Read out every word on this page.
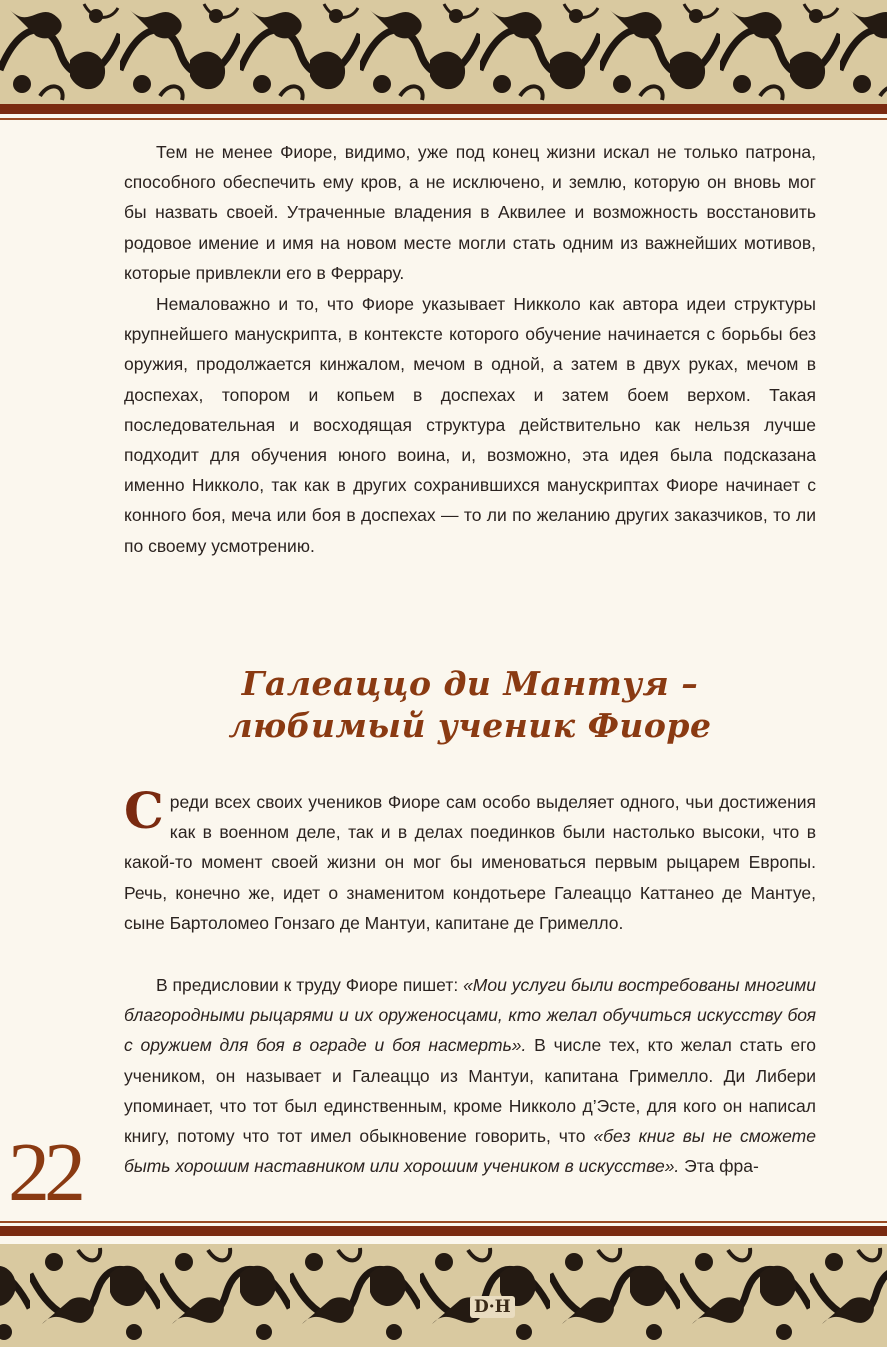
Тем не менее Фиоре, видимо, уже под конец жизни искал не только патрона, способного обеспечить ему кров, а не исключено, и землю, которую он вновь мог бы назвать своей. Утраченные владения в Аквилее и возможность восстановить родовое имение и имя на новом месте могли стать одним из важнейших мотивов, которые привлекли его в Феррару.

Немаловажно и то, что Фиоре указывает Никколо как автора идеи структуры крупнейшего манускрипта, в контексте которого обучение начинается с борьбы без оружия, продолжается кинжалом, мечом в одной, а затем в двух руках, мечом в доспехах, топором и копьем в доспехах и затем боем верхом. Такая последовательная и восходящая структура действительно как нельзя лучше подходит для обучения юного воина, и, возможно, эта идея была подсказана именно Никколо, так как в других сохранившихся манускриптах Фиоре начинает с конного боя, меча или боя в доспехах — то ли по желанию других заказчиков, то ли по своему усмотрению.

Галеаццо ди Мантуя –
любимый ученик Фиоре

Среди всех своих учеников Фиоре сам особо выделяет одного, чьи достижения как в военном деле, так и в делах поединков были настолько высоки, что в какой-то момент своей жизни он мог бы именоваться первым рыцарем Европы. Речь, конечно же, идет о знаменитом кондотьере Галеаццо Каттанео де Мантуе, сыне Бартоломео Гонзаго де Мантуи, капитане де Гримелло.

В предисловии к труду Фиоре пишет: «Мои услуги были востребованы многими благородными рыцарями и их оруженосцами, кто желал обучиться искусству боя с оружием для боя в ограде и боя насмерть». В числе тех, кто желал стать его учеником, он называет и Галеаццо из Мантуи, капитана Гримелло. Ди Либери упоминает, что тот был единственным, кроме Никколо д’Эсте, для кого он написал книгу, потому что тот имел обыкновение говорить, что «без книг вы не сможете быть хорошим наставником или хорошим учеником в искусстве». Эта фра-

22
D·H
